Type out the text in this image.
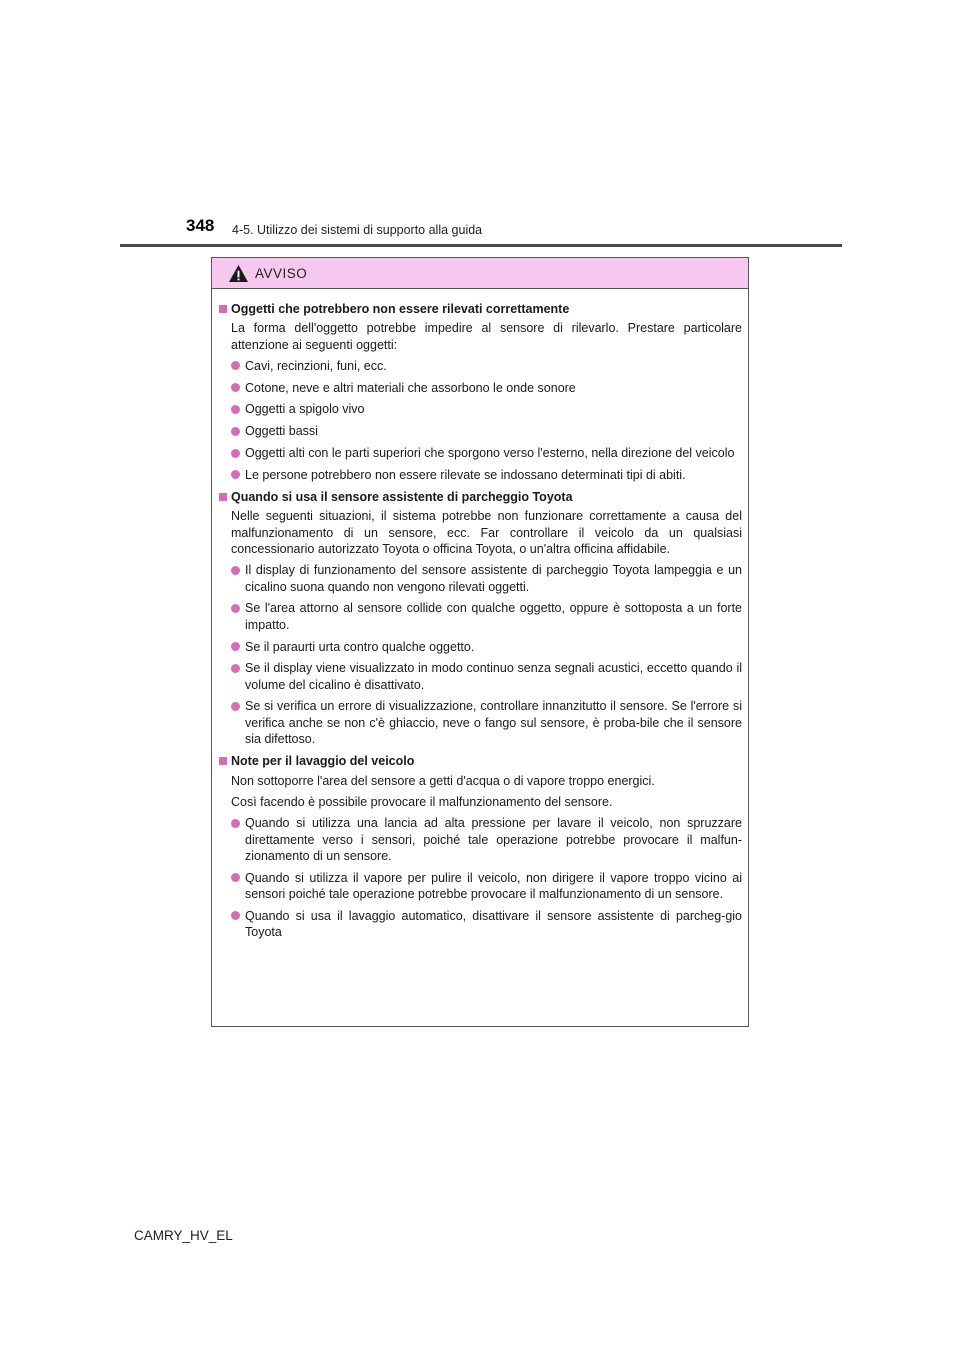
348 4-5. Utilizzo dei sistemi di supporto alla guida
AVVISO
Oggetti che potrebbero non essere rilevati correttamente
La forma dell'oggetto potrebbe impedire al sensore di rilevarlo. Prestare particolare attenzione ai seguenti oggetti:
Cavi, recinzioni, funi, ecc.
Cotone, neve e altri materiali che assorbono le onde sonore
Oggetti a spigolo vivo
Oggetti bassi
Oggetti alti con le parti superiori che sporgono verso l'esterno, nella direzione del veicolo
Le persone potrebbero non essere rilevate se indossano determinati tipi di abiti.
Quando si usa il sensore assistente di parcheggio Toyota
Nelle seguenti situazioni, il sistema potrebbe non funzionare correttamente a causa del malfunzionamento di un sensore, ecc. Far controllare il veicolo da un qualsiasi concessionario autorizzato Toyota o officina Toyota, o un'altra officina affidabile.
Il display di funzionamento del sensore assistente di parcheggio Toyota lampeggia e un cicalino suona quando non vengono rilevati oggetti.
Se l'area attorno al sensore collide con qualche oggetto, oppure è sottoposta a un forte impatto.
Se il paraurti urta contro qualche oggetto.
Se il display viene visualizzato in modo continuo senza segnali acustici, eccetto quando il volume del cicalino è disattivato.
Se si verifica un errore di visualizzazione, controllare innanzitutto il sensore. Se l'errore si verifica anche se non c'è ghiaccio, neve o fango sul sensore, è proba-bile che il sensore sia difettoso.
Note per il lavaggio del veicolo
Non sottoporre l'area del sensore a getti d'acqua o di vapore troppo energici.
Così facendo è possibile provocare il malfunzionamento del sensore.
Quando si utilizza una lancia ad alta pressione per lavare il veicolo, non spruzzare direttamente verso i sensori, poiché tale operazione potrebbe provocare il malfun-zionamento di un sensore.
Quando si utilizza il vapore per pulire il veicolo, non dirigere il vapore troppo vicino ai sensori poiché tale operazione potrebbe provocare il malfunzionamento di un sensore.
Quando si usa il lavaggio automatico, disattivare il sensore assistente di parcheg-gio Toyota
CAMRY_HV_EL
